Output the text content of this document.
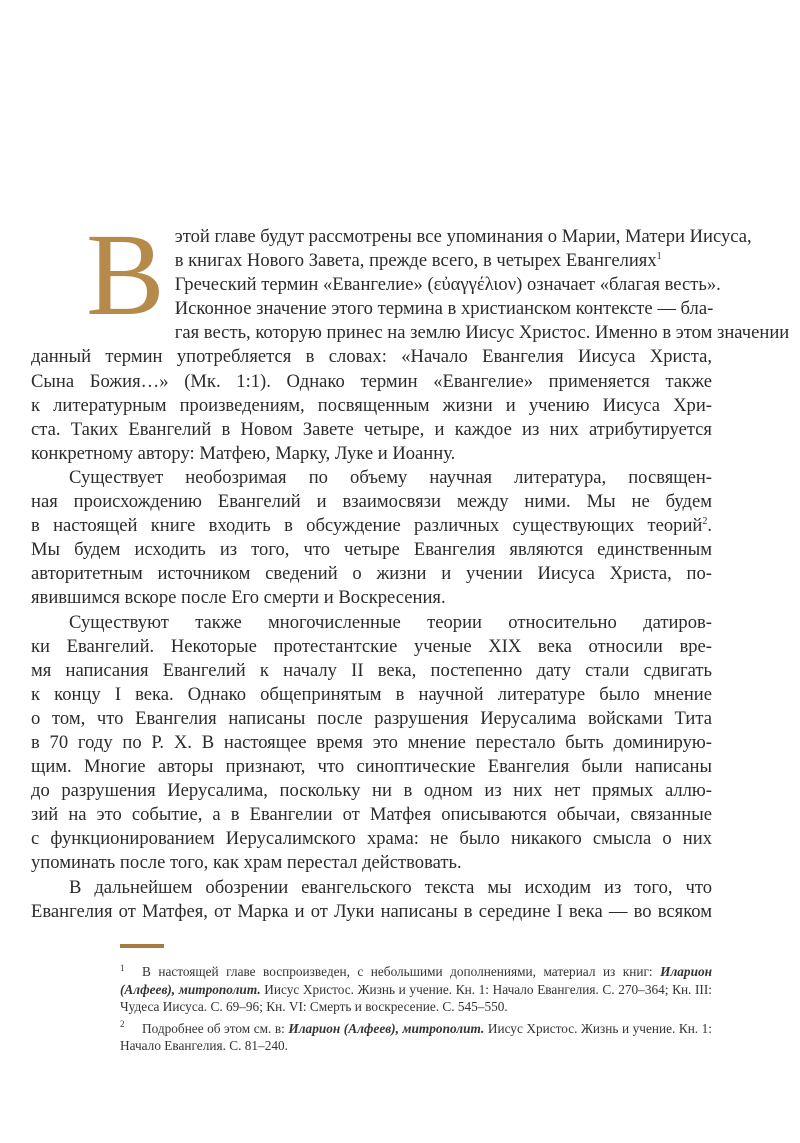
В этой главе будут рассмотрены все упоминания о Марии, Матери Иисуса,
в книгах Нового Завета, прежде всего, в четырех Евангелиях$^1$
Греческий термин «Евангелие» (εὐαγγέλιον) означает «благая весть».
Исконное значение этого термина в христианском контексте — бла-
гая весть, которую принес на землю Иисус Христос. Именно в этом значении
данный термин употребляется в словах: «Начало Евангелия Иисуса Христа,
Сына Божия…» (Мк. 1:1). Однако термин «Евангелие» применяется также
к литературным произведениям, посвященным жизни и учению Иисуса Хри-
ста. Таких Евангелий в Новом Завете четыре, и каждое из них атрибутируется
конкретному автору: Матфею, Марку, Луке и Иоанну.

Существует необозримая по объему научная литература, посвящен-
ная происхождению Евангелий и взаимосвязи между ними. Мы не будем
в настоящей книге входить в обсуждение различных существующих теорий$^2$.
Мы будем исходить из того, что четыре Евангелия являются единственным
авторитетным источником сведений о жизни и учении Иисуса Христа, по-
явившимся вскоре после Его смерти и Воскресения.

Существуют также многочисленные теории относительно датиров-
ки Евангелий. Некоторые протестантские ученые XIX века относили вре-
мя написания Евангелий к началу II века, постепенно дату стали сдвигать
к концу I века. Однако общепринятым в научной литературе было мнение
о том, что Евангелия написаны после разрушения Иерусалима войсками Тита
в 70 году по Р. Х. В настоящее время это мнение перестало быть доминирую-
щим. Многие авторы признают, что синоптические Евангелия были написаны
до разрушения Иерусалима, поскольку ни в одном из них нет прямых аллю-
зий на это событие, а в Евангелии от Матфея описываются обычаи, связанные
с функционированием Иерусалимского храма: не было никакого смысла о них
упоминать после того, как храм перестал действовать.

В дальнейшем обозрении евангельского текста мы исходим из того, что
Евангелия от Матфея, от Марка и от Луки написаны в середине I века — во всяком

1 В настоящей главе воспроизведен, с небольшими дополнениями, материал из книг: Иларион (Алфеев), митрополит. Иисус Христос. Жизнь и учение. Кн. 1: Начало Евангелия. С. 270–364; Кн. III: Чудеса Иисуса. С. 69–96; Кн. VI: Смерть и воскресение. С. 545–550.

2 Подробнее об этом см. в: Иларион (Алфеев), митрополит. Иисус Христос. Жизнь и учение. Кн. 1: Начало Евангелия. С. 81–240.
